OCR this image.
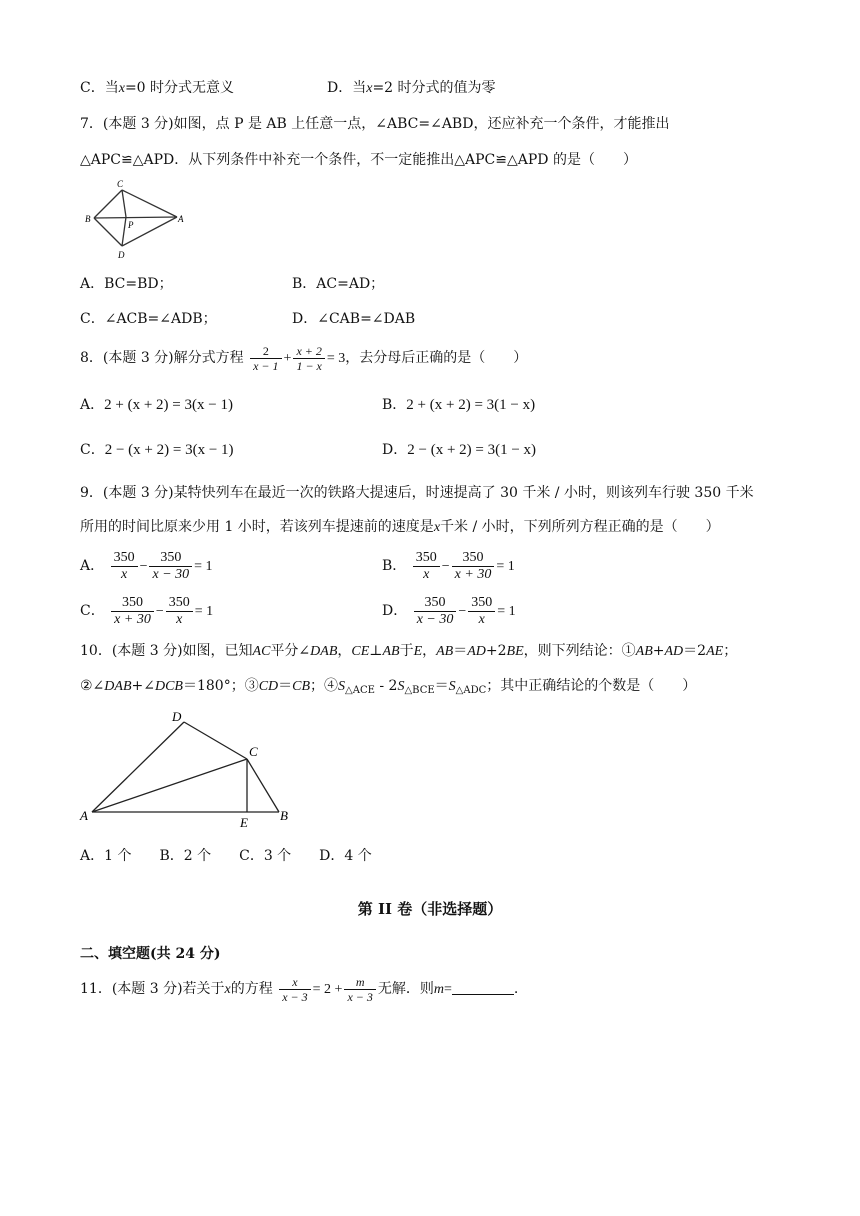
C．当x=0 时分式无意义	D．当x=2 时分式的值为零
7．(本题 3 分)如图，点 P 是 AB 上任意一点，∠ABC=∠ABD，还应补充一个条件，才能推出
△APC≌△APD．从下列条件中补充一个条件，不一定能推出△APC≌△APD 的是（　　）
C
B
P
A
D
A．BC=BD；	B．AC=AD；
C．∠ACB=∠ADB；	D．∠CAB=∠DAB
8．(本题 3 分)解分式方程 $\frac{2}{x - 1} + \frac{x + 2}{1 - x} = 3$，去分母后正确的是（　　）
A．2 + (x + 2) = 3(x − 1)	B．2 + (x + 2) = 3(1 − x)
C．2 − (x + 2) = 3(x − 1)	D．2 − (x + 2) = 3(1 − x)
9．(本题 3 分)某特快列车在最近一次的铁路大提速后，时速提高了 30 千米 / 小时，则该列车行驶 350 千米
所用的时间比原来少用 1 小时，若该列车提速前的速度是x千米 / 小时，下列所列方程正确的是（　　）
A． $\frac{350}{x} - \frac{350}{x - 30} = 1$	B． $\frac{350}{x} - \frac{350}{x + 30} = 1$
C． $\frac{350}{x + 30} - \frac{350}{x} = 1$	D． $\frac{350}{x - 30} - \frac{350}{x} = 1$
10．(本题 3 分)如图，已知AC平分∠DAB，CE⊥AB于E，AB＝AD+2BE，则下列结论：①AB+AD＝2AE；
②∠DAB+∠DCB＝180°；③CD＝CB；$④S_{\triangle ACE} - 2S_{\triangle BCE}=S_{\triangle ADC}$；其中正确结论的个数是（　　）
D
C
A	E B
A．1 个　　B．2 个　　C．3 个　　D．4 个
第 II 卷（非选择题）
二、填空题(共 24 分)
11．(本题 3 分)若关于x的方程 $\frac{x}{x - 3} = 2 + \frac{m}{x - 3}$ 无解．则m=	.
